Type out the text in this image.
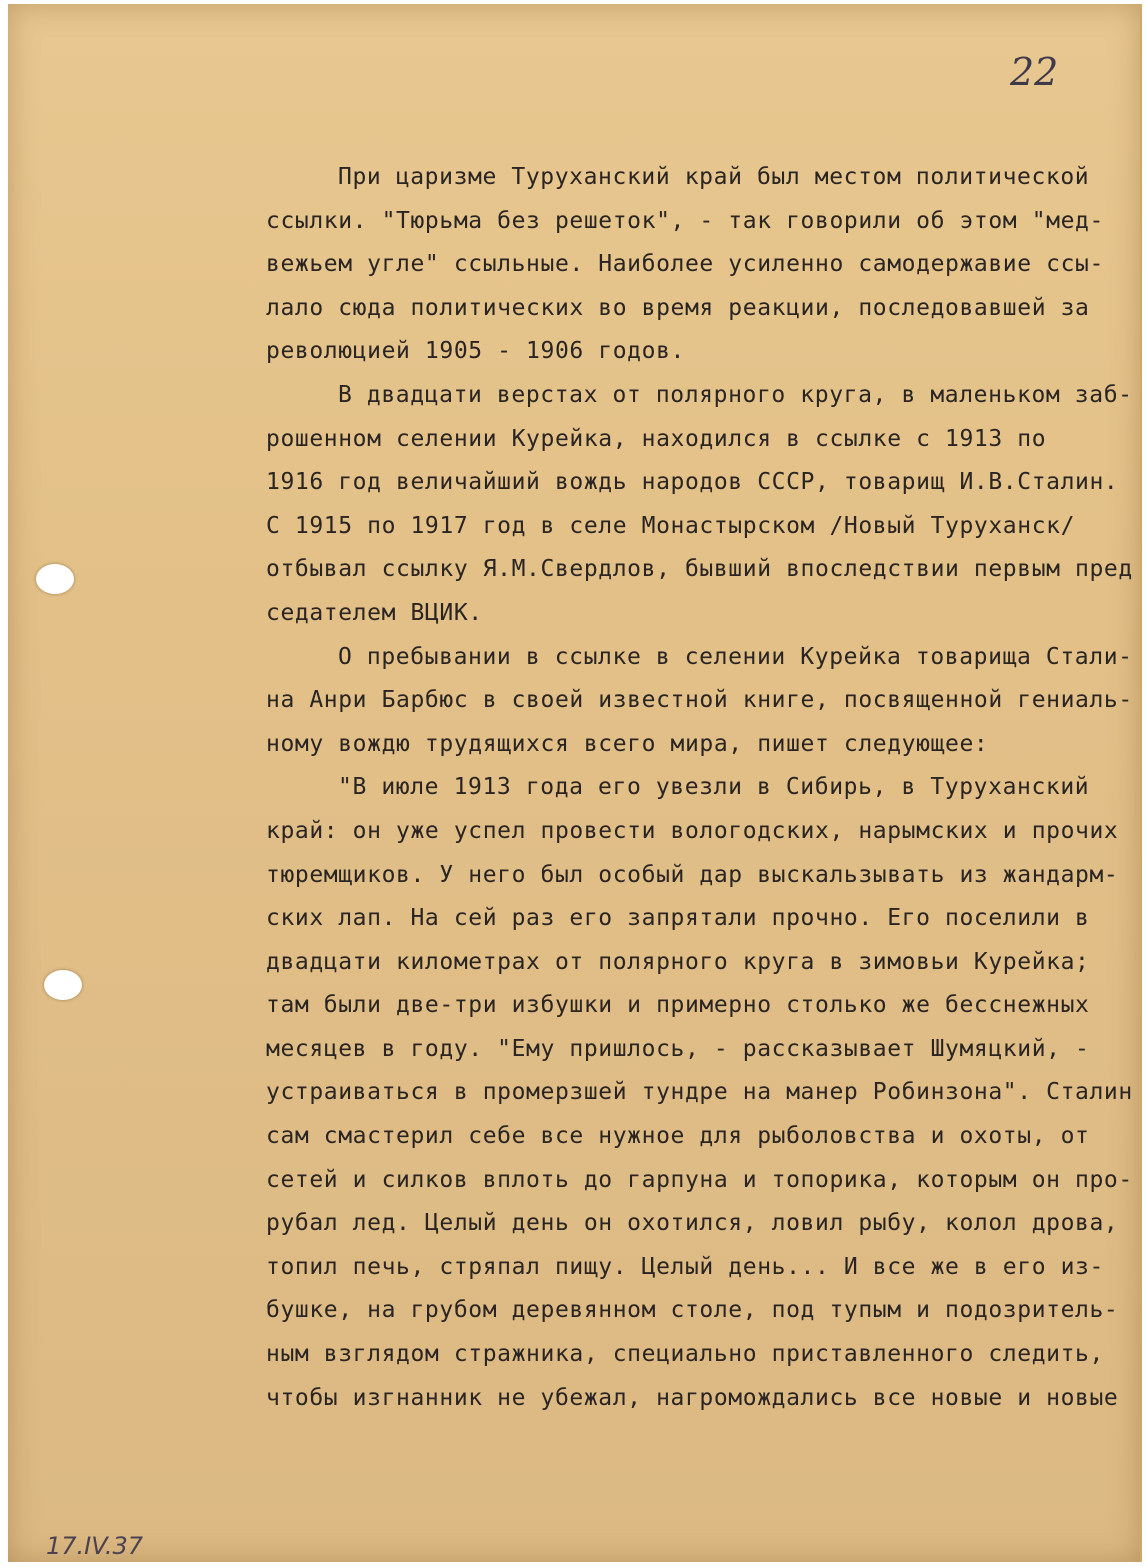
22
При царизме Туруханский край был местом политической
ссылки. "Тюрьма без решеток", - так говорили об этом "мед-
вежьем угле" ссыльные. Наиболее усиленно самодержавие ссы-
лало сюда политических во время реакции, последовавшей за
революцией 1905 - 1906 годов.
В двадцати верстах от полярного круга, в маленьком заб-
рошенном селении Курейка, находился в ссылке с 1913 по
1916 год величайший вождь народов СССР, товарищ И.В.Сталин.
С 1915 по 1917 год в селе Монастырском /Новый Туруханск/
отбывал ссылку Я.М.Свердлов, бывший впоследствии первым пред
седателем ВЦИК.
О пребывании в ссылке в селении Курейка товарища Стали-
на Анри Барбюс в своей известной книге, посвященной гениаль-
ному вождю трудящихся всего мира, пишет следующее:
"В июле 1913 года его увезли в Сибирь, в Туруханский
край: он уже успел провести вологодских, нарымских и прочих
тюремщиков. У него был особый дар выскальзывать из жандарм-
ских лап. На сей раз его запрятали прочно. Его поселили в
двадцати километрах от полярного круга в зимовьи Курейка;
там были две-три избушки и примерно столько же бесснежных
месяцев в году. "Ему пришлось, - рассказывает Шумяцкий, -
устраиваться в промерзшей тундре на манер Робинзона". Сталин
сам смастерил себе все нужное для рыболовства и охоты, от
сетей и силков вплоть до гарпуна и топорика, которым он про-
рубал лед. Целый день он охотился, ловил рыбу, колол дрова,
топил печь, стряпал пищу. Целый день... И все же в его из-
бушке, на грубом деревянном столе, под тупым и подозритель-
ным взглядом стражника, специально приставленного следить,
чтобы изгнанник не убежал, нагромождались все новые и новые
17.IV.37
